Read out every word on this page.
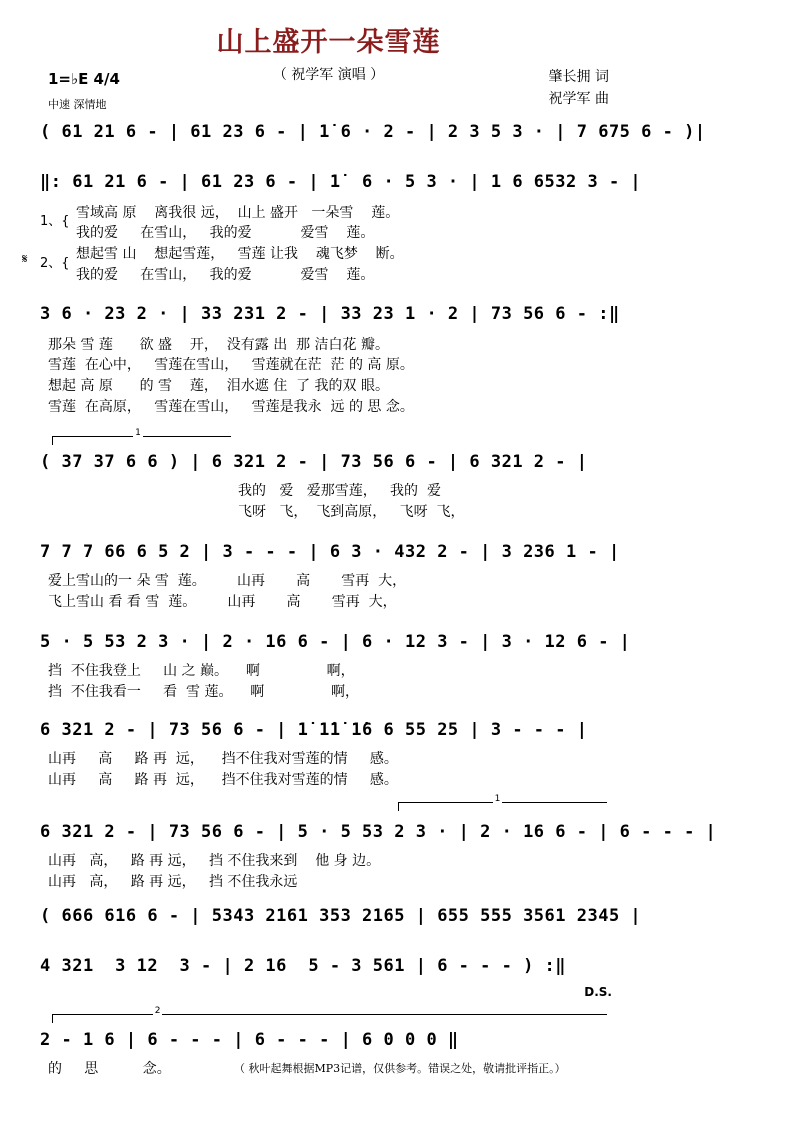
山上盛开一朵雪莲
（ 祝学军 演唱 ）	肇长拥 词
祝学军 曲
1=♭E 4/4
中速 深情地
( 61 21 6 - | 61 23 6 - | 1̇ 6 · 2 - | 2 3 5 3 · | 7 675 6 - )|
‖: 61 21 6 - | 61 23 6 - | 1̇  6 · 5 3 · | 1 6 6532 3 - |
1、{
2、{
𝄋
雪域高 原    离我很 远，  山上 盛开   一朵雪    莲。
我的爱     在雪山，   我的爱           爱雪    莲。
想起雪 山    想起雪莲，   雪莲 让我    魂飞梦    断。
我的爱     在雪山，   我的爱           爱雪    莲。
3 6 · 23 2 · | 33 231 2 - | 33 23 1 · 2 | 73 56 6 - :‖
那朵 雪 莲      欲 盛    开，  没有露 出  那 洁白花 瓣。
雪莲  在心中，   雪莲在雪山，   雪莲就在茫  茫 的 高 原。
想起 高 原      的 雪    莲，  泪水遮 住  了 我的双 眼。
雪莲  在高原，   雪莲在雪山，   雪莲是我永  远 的 思 念。
1
( 37 37 6 6 ) | 6 321 2 - | 73 56 6 - | 6 321 2 - |
我的   爱   爱那雪莲，   我的  爱
飞呀   飞，  飞到高原，   飞呀  飞，
7 7 7 66 6 5 2 | 3 - - - | 6 3 · 432 2 - | 3 236 1 - |
爱上雪山的一 朵 雪  莲。       山再       高       雪再  大，
飞上雪山 看 看 雪  莲。       山再       高       雪再  大，
5 · 5 53 2 3 · | 2 · 16 6 - | 6 · 12 3 - | 3 · 12 6 - |
挡  不住我登上     山 之 巅。    啊               啊，
挡  不住我看一     看  雪 莲。    啊               啊，
6 321 2 - | 73 56 6 - | 1̇ 1̇1̇ 1̇6 6 55 25 | 3 - - - |
山再     高     路 再  远，    挡不住我对雪莲的情     感。
山再     高     路 再  远，    挡不住我对雪莲的情     感。
1
6 321 2 - | 73 56 6 - | 5 · 5 53 2 3 · | 2 · 16 6 - | 6 - - - |
山再   高，   路 再 远，   挡 不住我来到    他 身 边。
山再   高，   路 再 远，   挡 不住我永远
( 666 616 6 - | 5343 2161 353 2165 | 655 555 3561 2345 |
4 321  3 12  3 - | 2 16  5 - 3 561 | 6 - - - ) :‖
D.S.
2
2 - 1 6 | 6 - - - | 6 - - - | 6 0 0 0 ‖
的     思          念。	（ 秋叶起舞根据MP3记谱，仅供参考。错误之处，敬请批评指正。）
